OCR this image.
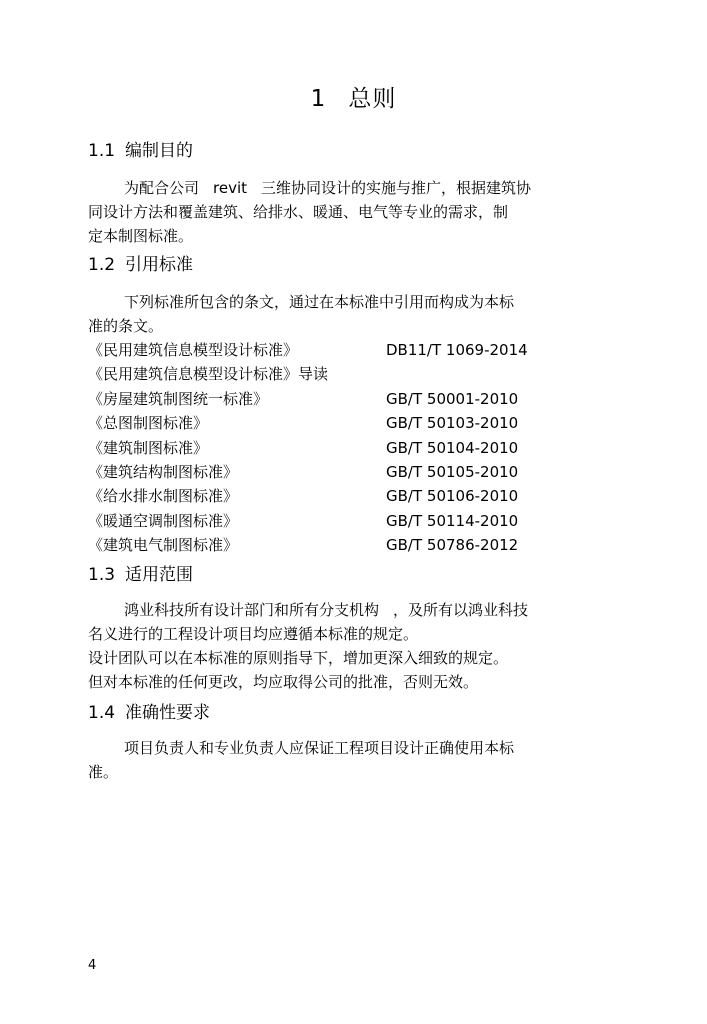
1 总则
1.1 编制目的
为配合公司 revit 三维协同设计的实施与推广，根据建筑协
同设计方法和覆盖建筑、给排水、暖通、电气等专业的需求，制
定本制图标准。
1.2 引用标准
下列标准所包含的条文，通过在本标准中引用而构成为本标
准的条文。
《民用建筑信息模型设计标准》	DB11/T 1069-2014
《民用建筑信息模型设计标准》导读
《房屋建筑制图统一标准》	GB/T 50001-2010
《总图制图标准》	GB/T 50103-2010
《建筑制图标准》	GB/T 50104-2010
《建筑结构制图标准》	GB/T 50105-2010
《给水排水制图标准》	GB/T 50106-2010
《暖通空调制图标准》	GB/T 50114-2010
《建筑电气制图标准》	GB/T 50786-2012
1.3 适用范围
鸿业科技所有设计部门和所有分支机构 ，及所有以鸿业科技
名义进行的工程设计项目均应遵循本标准的规定。
设计团队可以在本标准的原则指导下，增加更深入细致的规定。
但对本标准的任何更改，均应取得公司的批准，否则无效。
1.4 准确性要求
项目负责人和专业负责人应保证工程项目设计正确使用本标
准。
4
